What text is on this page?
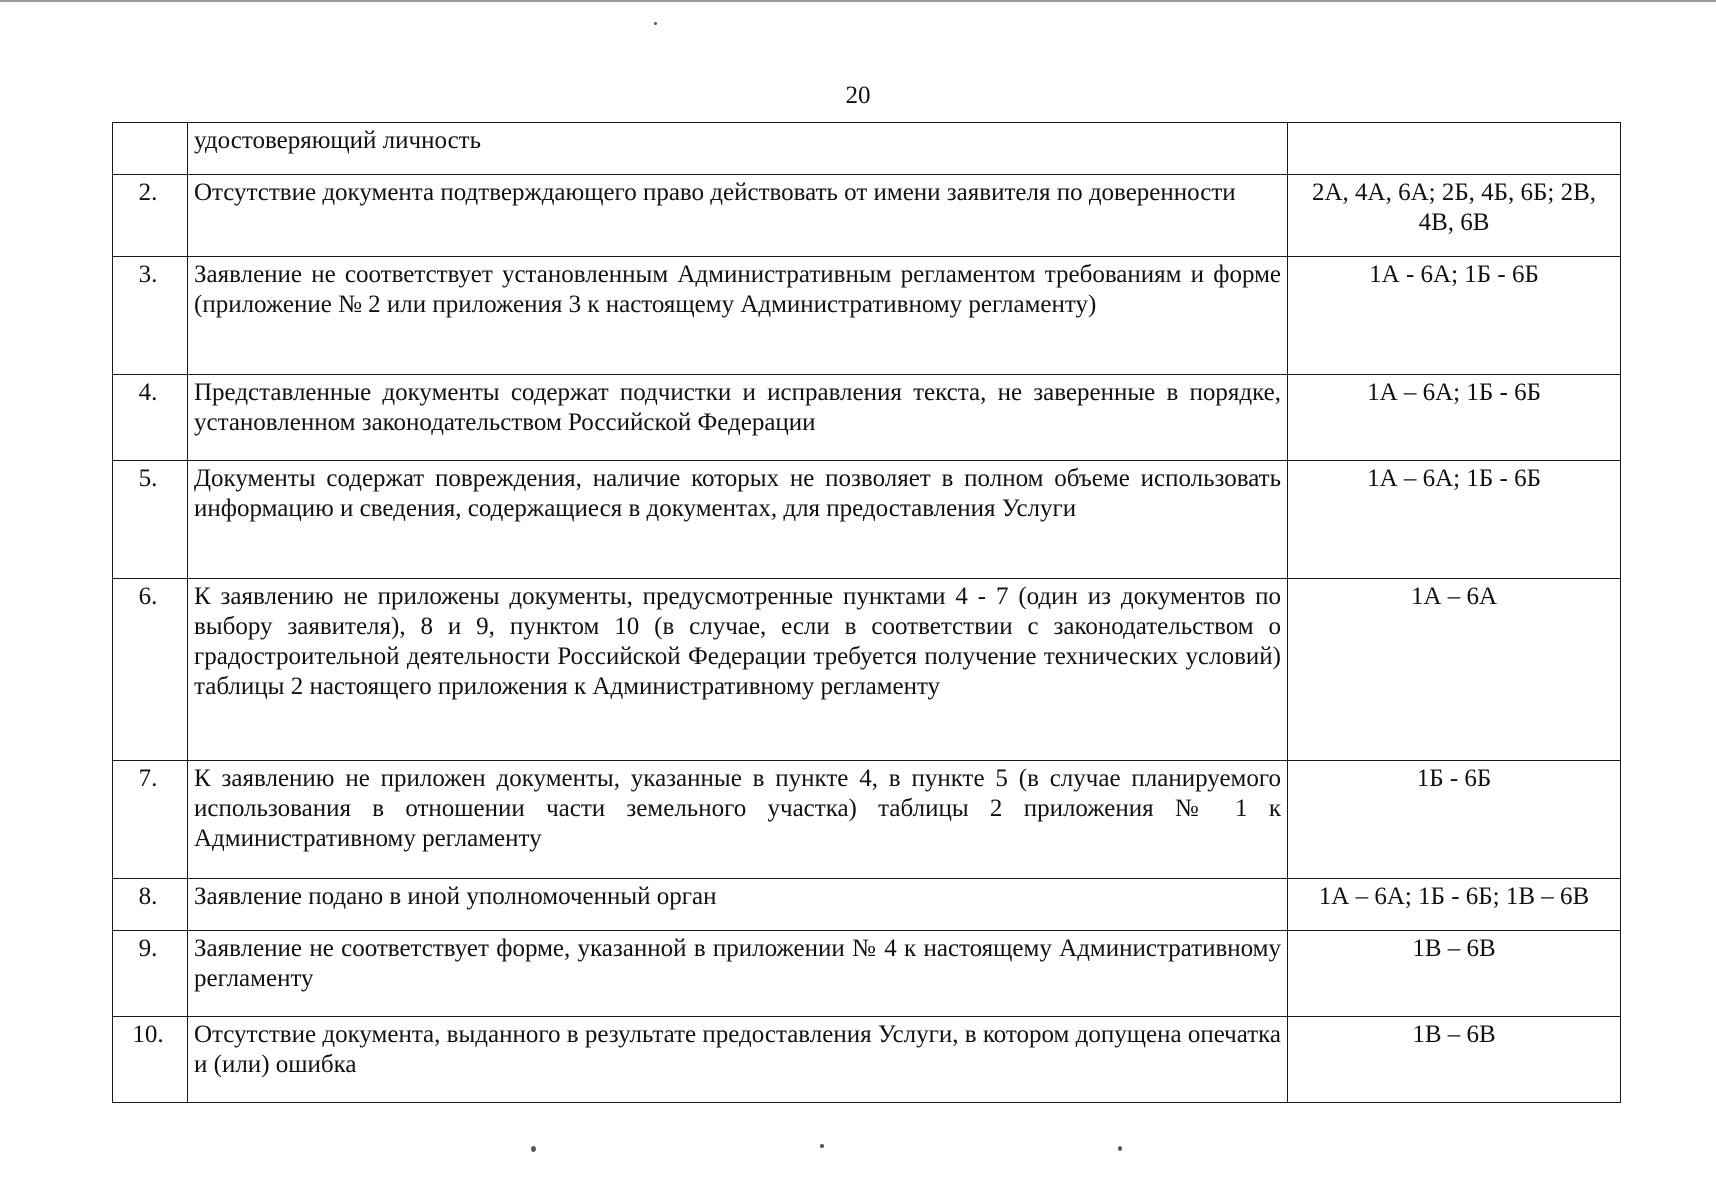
20
	удостоверяющий личность	
2.	Отсутствие документа подтверждающего право действовать от имени заявителя по доверенности	2А, 4А, 6А; 2Б, 4Б, 6Б; 2В, 4В, 6В
3.	Заявление не соответствует установленным Административным регламентом требованиям и форме (приложение № 2 или приложения 3 к настоящему Административному регламенту)	1А - 6А; 1Б - 6Б
4.	Представленные документы содержат подчистки и исправления текста, не заверенные в порядке, установленном законодательством Российской Федерации	1А – 6А; 1Б - 6Б
5.	Документы содержат повреждения, наличие которых не позволяет в полном объеме использовать информацию и сведения, содержащиеся в документах, для предоставления Услуги	1А – 6А; 1Б - 6Б
6.	К заявлению не приложены документы, предусмотренные пунктами 4 - 7 (один из документов по выбору заявителя), 8 и 9, пунктом 10 (в случае, если в соответствии с законодательством о градостроительной деятельности Российской Федерации требуется получение технических условий) таблицы 2 настоящего приложения к Административному регламенту	1А – 6А
7.	К заявлению не приложен документы, указанные в пункте 4, в пункте 5 (в случае планируемого использования в отношении части земельного участка) таблицы 2 приложения № 1 к Административному регламенту	1Б - 6Б
8.	Заявление подано в иной уполномоченный орган	1А – 6А; 1Б - 6Б; 1В – 6В
9.	Заявление не соответствует форме, указанной в приложении № 4 к настоящему Административному регламенту	1В – 6В
10.	Отсутствие документа, выданного в результате предоставления Услуги, в котором допущена опечатка и (или) ошибка	1В – 6В
